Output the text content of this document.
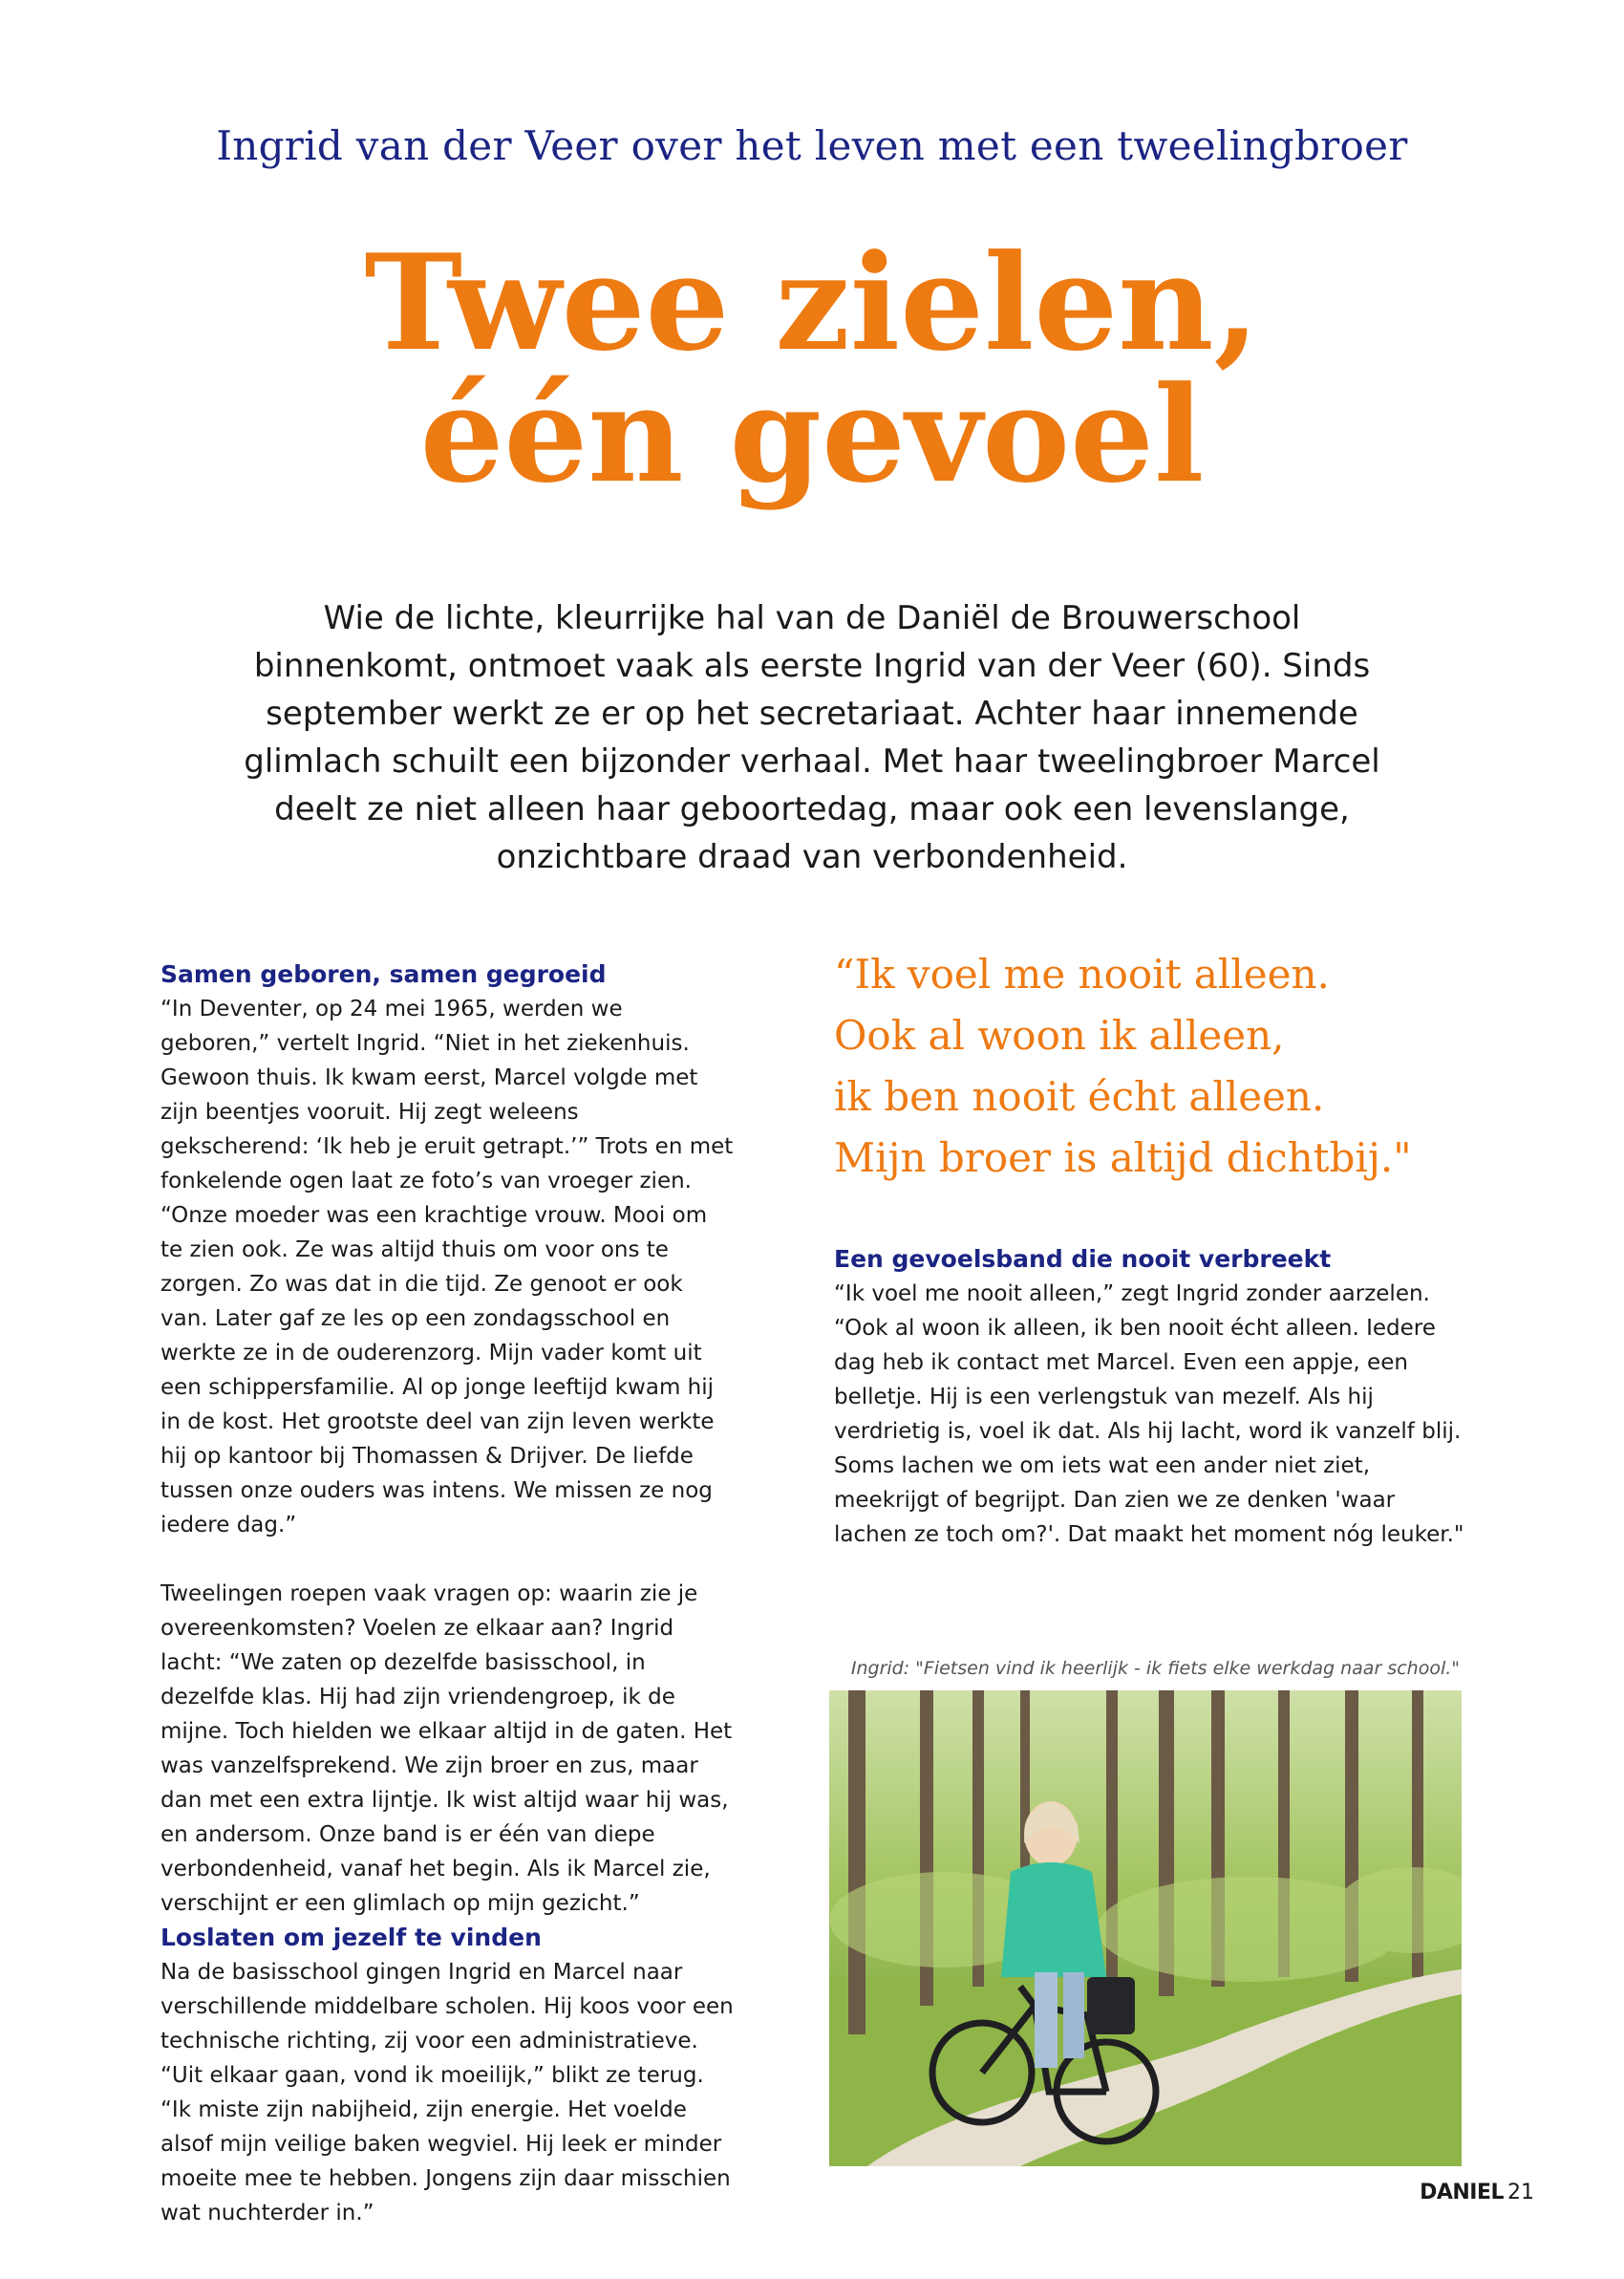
Ingrid van der Veer over het leven met een tweelingbroer
Twee zielen,
één gevoel
Wie de lichte, kleurrijke hal van de Daniël de Brouwerschool binnenkomt, ontmoet vaak als eerste Ingrid van der Veer (60). Sinds september werkt ze er op het secretariaat. Achter haar innemende glimlach schuilt een bijzonder verhaal. Met haar tweelingbroer Marcel deelt ze niet alleen haar geboortedag, maar ook een levenslange, onzichtbare draad van verbondenheid.
Samen geboren, samen gegroeid

“In Deventer, op 24 mei 1965, werden we geboren,” vertelt Ingrid. “Niet in het ziekenhuis. Gewoon thuis. Ik kwam eerst, Marcel volgde met zijn beentjes vooruit. Hij zegt weleens gekscherend: ‘Ik heb je eruit getrapt.’” Trots en met fonkelende ogen laat ze foto’s van vroeger zien. “Onze moeder was een krachtige vrouw. Mooi om te zien ook. Ze was altijd thuis om voor ons te zorgen. Zo was dat in die tijd. Ze genoot er ook van. Later gaf ze les op een zondagsschool en werkte ze in de ouderenzorg. Mijn vader komt uit een schippersfamilie. Al op jonge leeftijd kwam hij in de kost. Het grootste deel van zijn leven werkte hij op kantoor bij Thomassen & Drijver. De liefde tussen onze ouders was intens. We missen ze nog iedere dag.”

Tweelingen roepen vaak vragen op: waarin zie je overeenkomsten? Voelen ze elkaar aan? Ingrid lacht: “We zaten op dezelfde basisschool, in dezelfde klas. Hij had zijn vriendengroep, ik de mijne. Toch hielden we elkaar altijd in de gaten. Het was vanzelfsprekend. We zijn broer en zus, maar dan met een extra lijntje. Ik wist altijd waar hij was, en andersom. Onze band is er één van diepe verbondenheid, vanaf het begin. Als ik Marcel zie, verschijnt er een glimlach op mijn gezicht.”

Loslaten om jezelf te vinden

Na de basisschool gingen Ingrid en Marcel naar verschillende middelbare scholen. Hij koos voor een technische richting, zij voor een administratieve. “Uit elkaar gaan, vond ik moeilijk,” blikt ze terug. “Ik miste zijn nabijheid, zijn energie. Het voelde alsof mijn veilige baken wegviel. Hij leek er minder moeite mee te hebben. Jongens zijn daar misschien wat nuchterder in.”

“Ik voel me nooit alleen.
Ook al woon ik alleen,
ik ben nooit écht alleen.
Mijn broer is altijd dichtbij."
Een gevoelsband die nooit verbreekt

“Ik voel me nooit alleen,” zegt Ingrid zonder aarzelen. “Ook al woon ik alleen, ik ben nooit écht alleen. Iedere dag heb ik contact met Marcel. Even een appje, een belletje. Hij is een verlengstuk van mezelf. Als hij verdrietig is, voel ik dat. Als hij lacht, word ik vanzelf blij. Soms lachen we om iets wat een ander niet ziet, meekrijgt of begrijpt. Dan zien we ze denken 'waar lachen ze toch om?'. Dat maakt het moment nóg leuker."

Ingrid: "Fietsen vind ik heerlijk - ik fiets elke werkdag naar school."
DANIEL 21
